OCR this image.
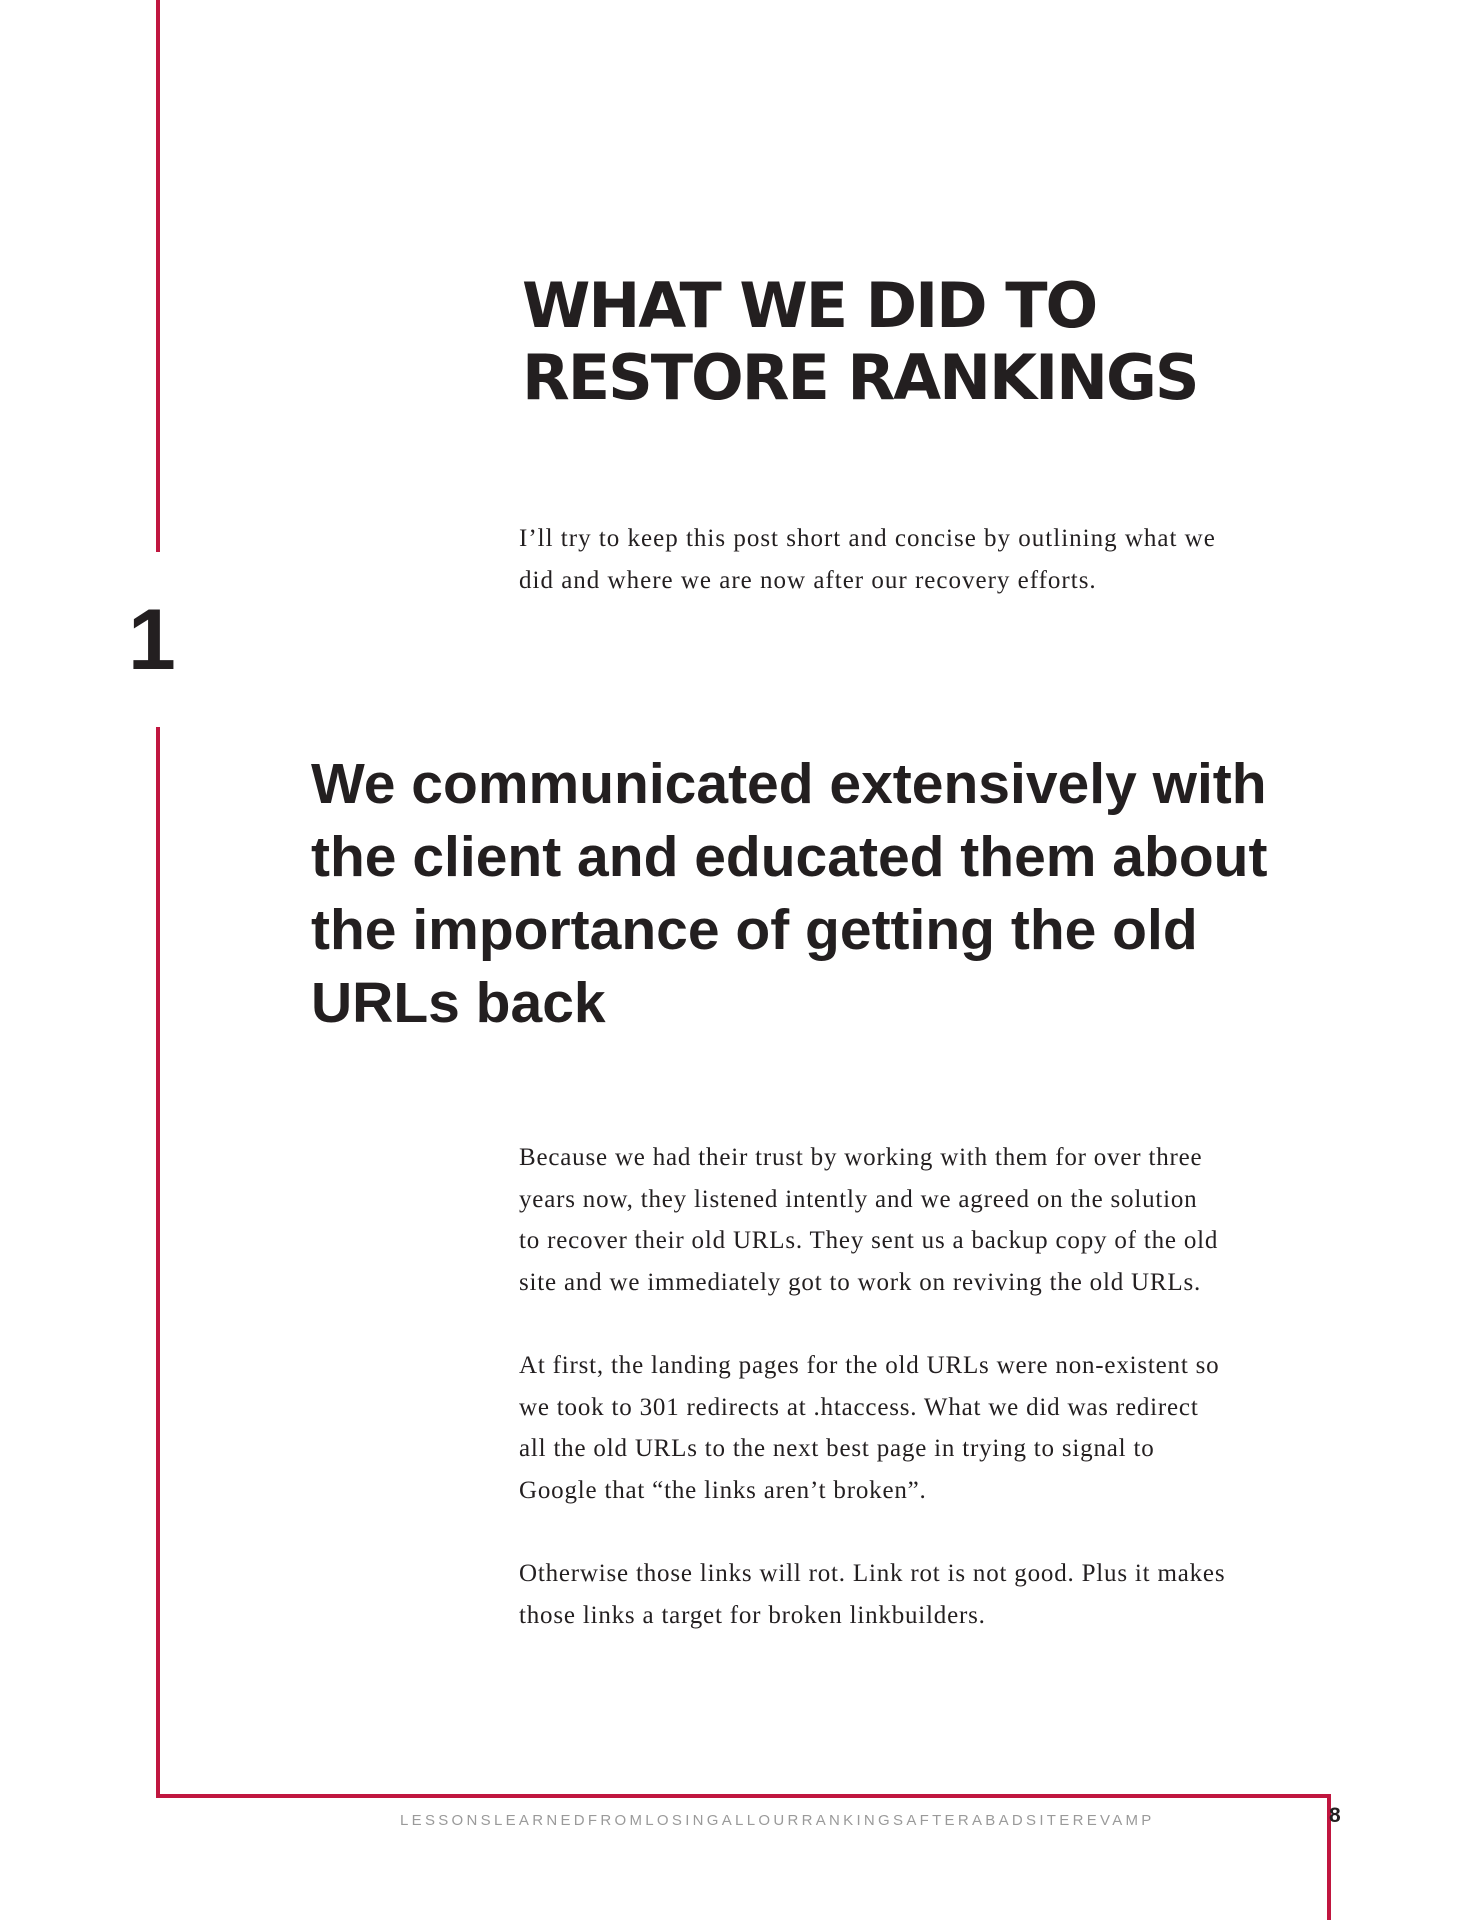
1
WHAT WE DID TO
RESTORE RANKINGS

I’ll try to keep this post short and concise by outlining what we
did and where we are now after our recovery efforts.

We communicated extensively with
the client and educated them about
the importance of getting the old
URLs back

Because we had their trust by working with them for over three
years now, they listened intently and we agreed on the solution
to recover their old URLs. They sent us a backup copy of the old
site and we immediately got to work on reviving the old URLs.

At first, the landing pages for the old URLs were non-existent so
we took to 301 redirects at .htaccess. What we did was redirect
all the old URLs to the next best page in trying to signal to
Google that “the links aren’t broken”.

Otherwise those links will rot. Link rot is not good. Plus it makes
those links a target for broken linkbuilders.

LESSONSLEARNEDFROMLOSINGALLOURRANKINGSAFTERABADSITEREVAMP	8
